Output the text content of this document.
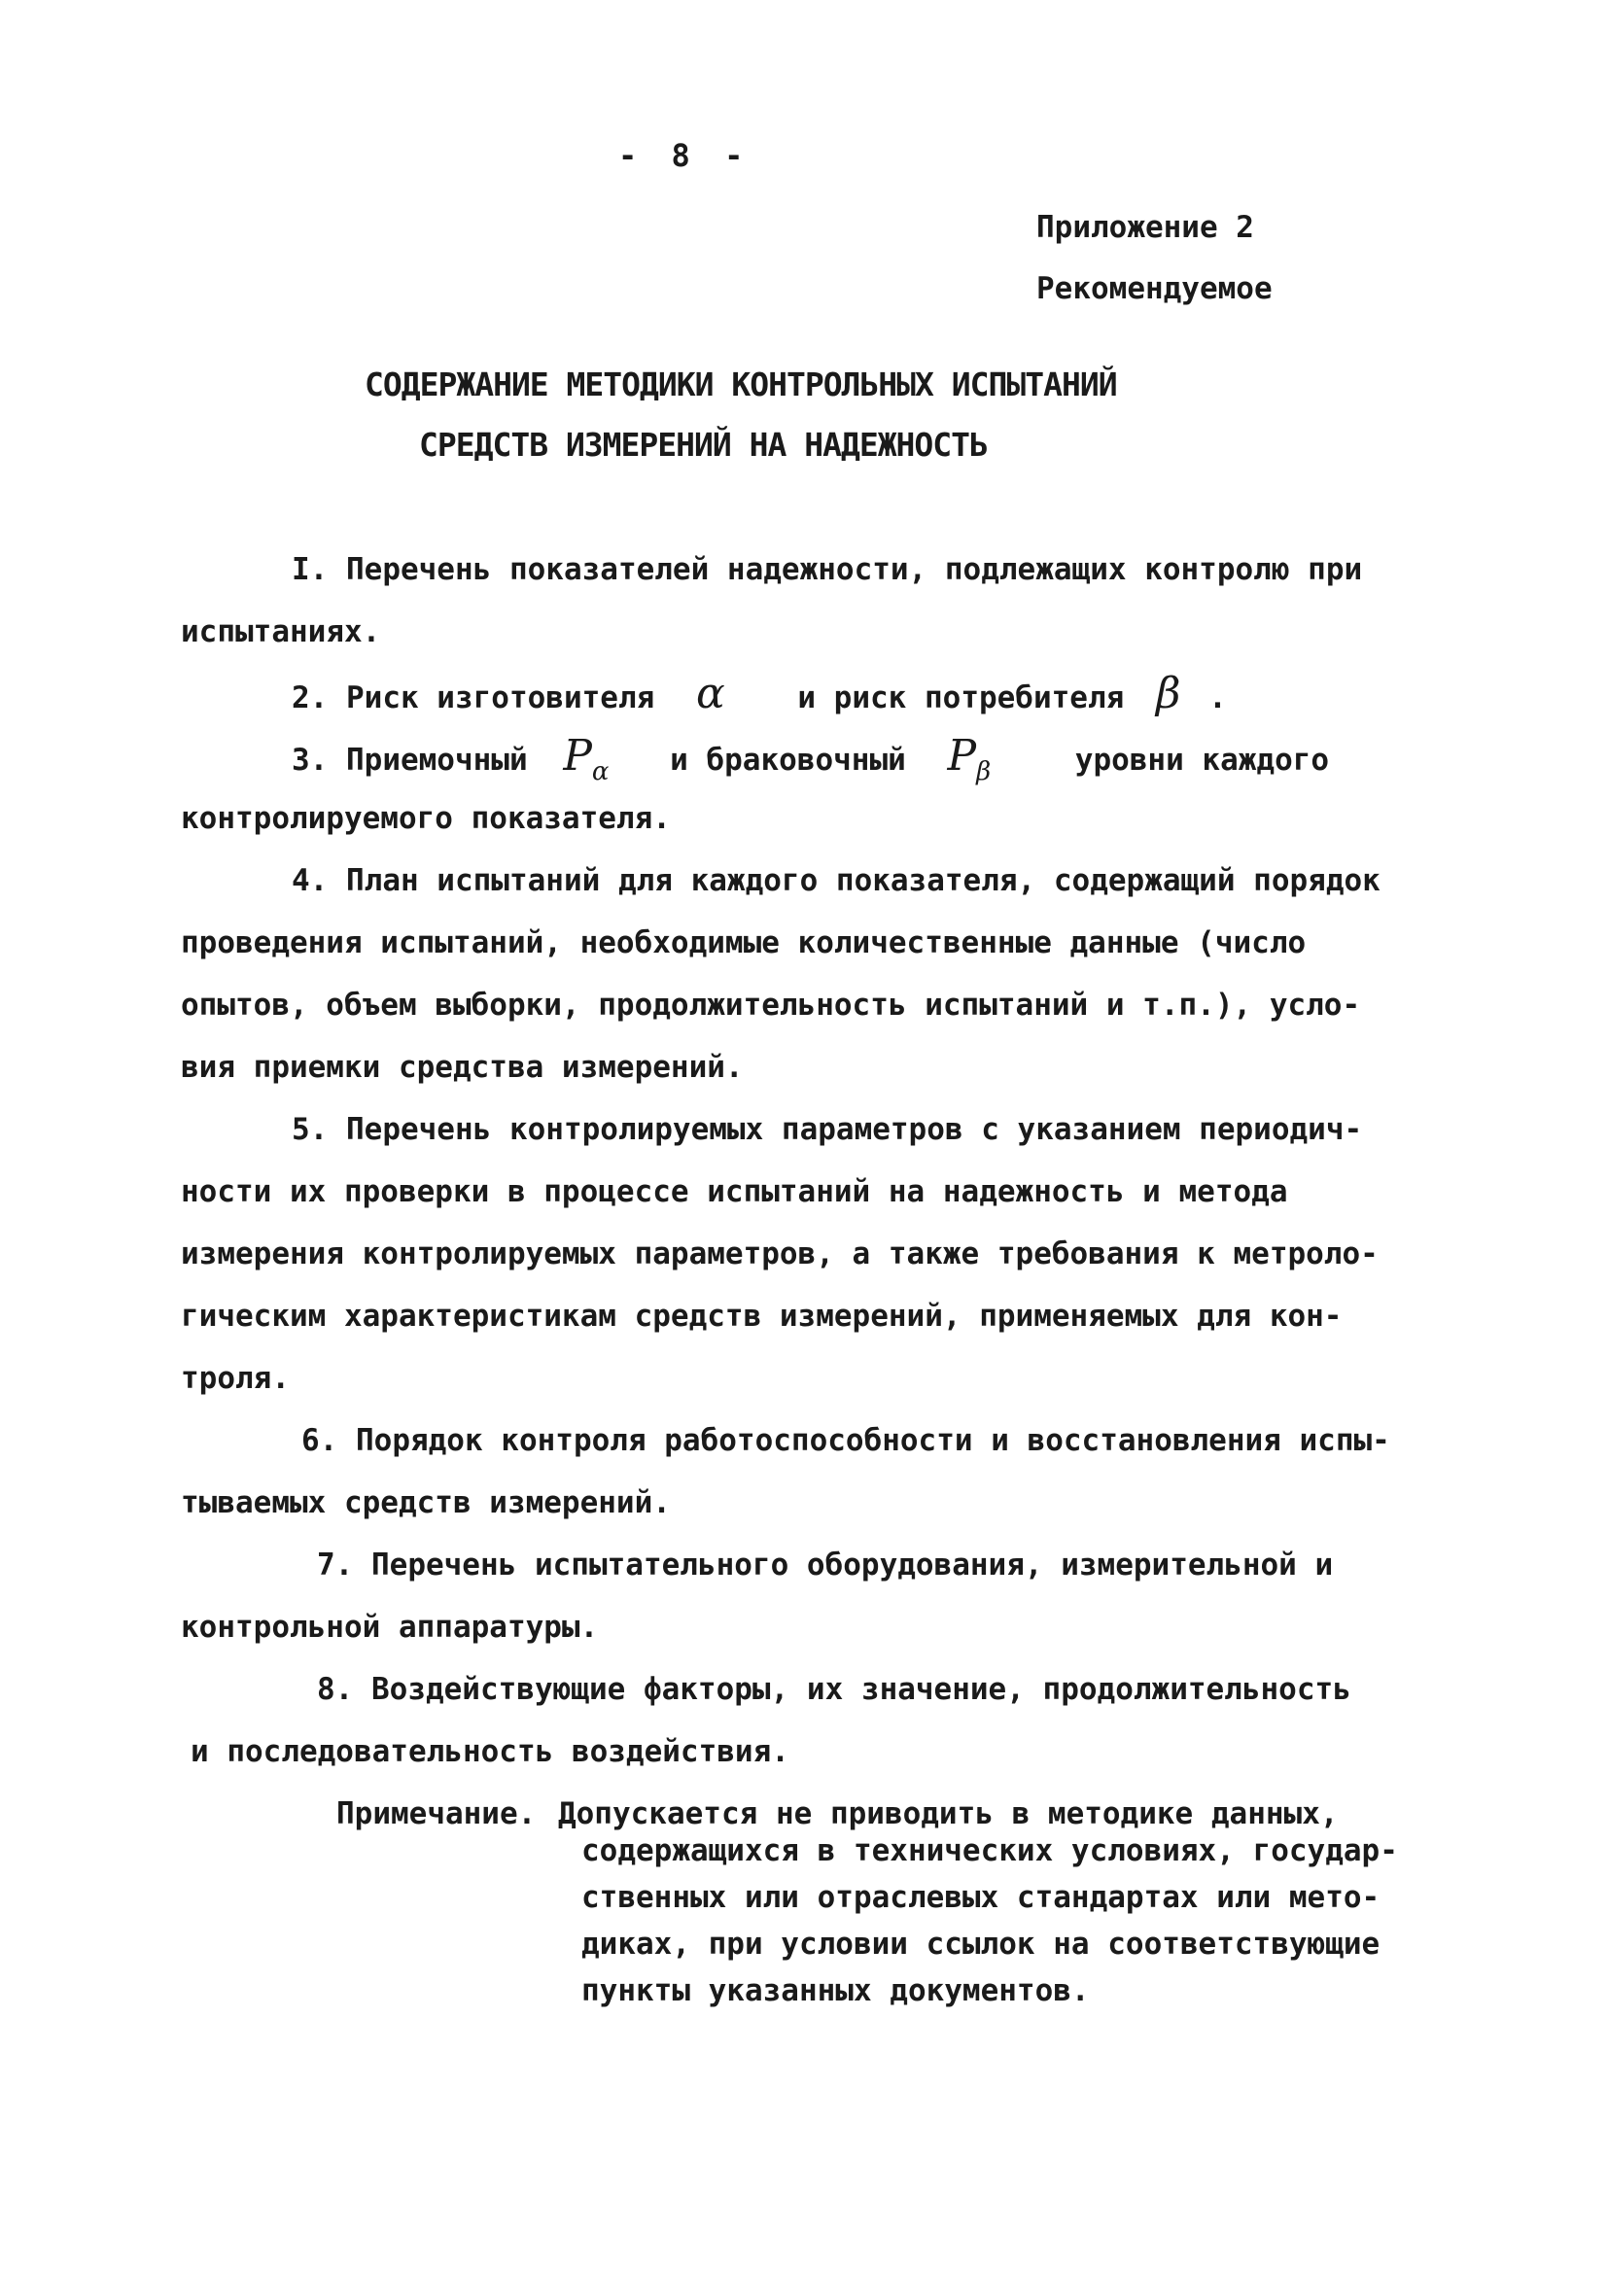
- 8 -
Приложение 2
Рекомендуемое
СОДЕРЖАНИЕ МЕТОДИКИ КОНТРОЛЬНЫХ ИСПЫТАНИЙ
СРЕДСТВ ИЗМЕРЕНИЙ НА НАДЕЖНОСТЬ
I. Перечень показателей надежности, подлежащих контролю при
испытаниях.
2. Риск изготовителя α и риск потребителя β .
3. Приемочный $P_\alpha$ и браковочный $P_\beta$	уровни каждого
контролируемого показателя.
4. План испытаний для каждого показателя, содержащий порядок
проведения испытаний, необходимые количественные данные (число
опытов, объем выборки, продолжительность испытаний и т.п.), усло-
вия приемки средства измерений.
5. Перечень контролируемых параметров с указанием периодич-
ности их проверки в процессе испытаний на надежность и метода
измерения контролируемых параметров, а также требования к метроло-
гическим характеристикам средств измерений, применяемых для кон-
троля.
6. Порядок контроля работоспособности и восстановления испы-
тываемых средств измерений.
7. Перечень испытательного оборудования, измерительной и
контрольной аппаратуры.
8. Воздействующие факторы, их значение, продолжительность
и последовательность воздействия.
Примечание. Допускается не приводить в методике данных,
содержащихся в технических условиях, государ-
ственных или отраслевых стандартах или мето-
диках, при условии ссылок на соответствующие
пункты указанных документов.
